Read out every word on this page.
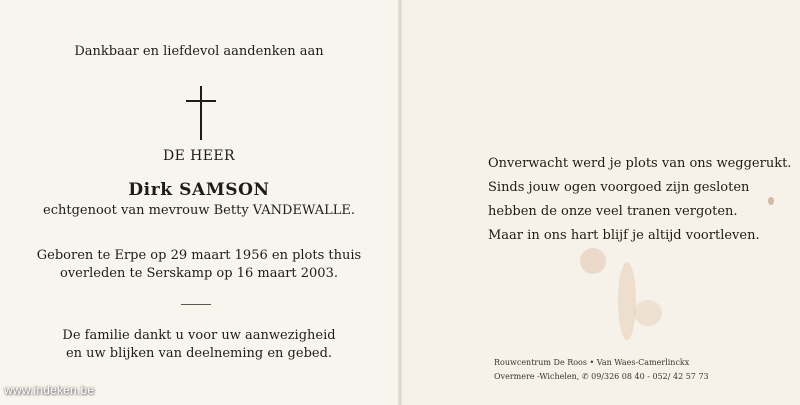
Dankbaar en liefdevol aandenken aan
DE HEER
Dirk SAMSON
echtgenoot van mevrouw Betty VANDEWALLE.
Geboren te Erpe op 29 maart 1956 en plots thuis
overleden te Serskamp op 16 maart 2003.
De familie dankt u voor uw aanwezigheid
en uw blijken van deelneming en gebed.
Onverwacht werd je plots van ons weggerukt.
Sinds jouw ogen voorgoed zijn gesloten
hebben de onze veel tranen vergoten.
Maar in ons hart blijf je altijd voortleven.
Rouwcentrum De Roos • Van Waes-Camerlinckx
Overmere -Wichelen, ✆ 09/326 08 40 - 052/ 42 57 73
www.indeken.be
